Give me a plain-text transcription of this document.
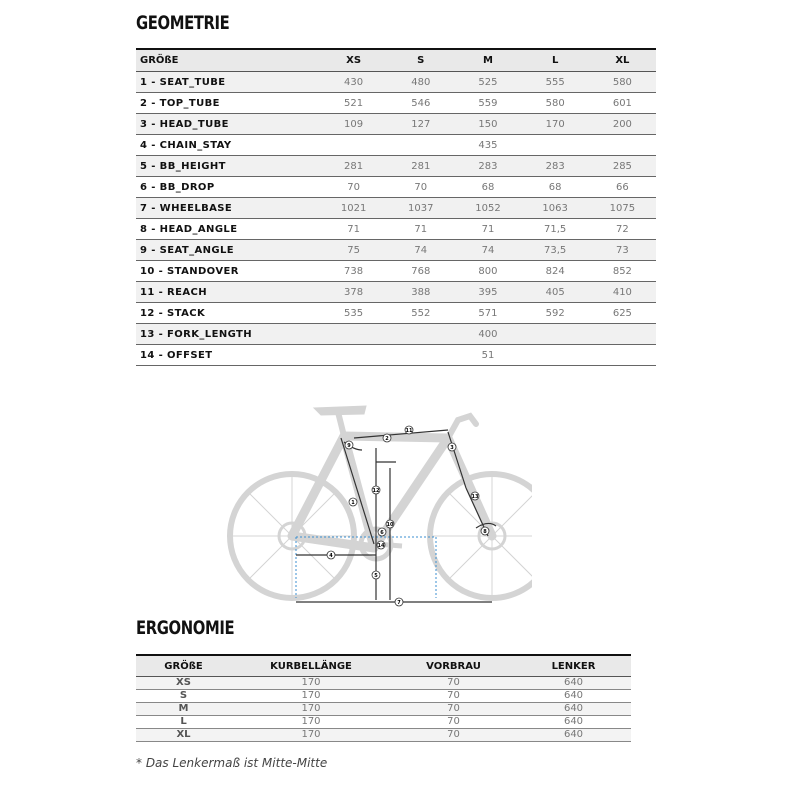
GEOMETRIE
GRÖßE	XS	S	M	L	XL
1 - SEAT_TUBE	430	480	525	555	580
2 - TOP_TUBE	521	546	559	580	601
3 - HEAD_TUBE	109	127	150	170	200
4 - CHAIN_STAY			435		
5 - BB_HEIGHT	281	281	283	283	285
6 - BB_DROP	70	70	68	68	66
7 - WHEELBASE	1021	1037	1052	1063	1075
8 - HEAD_ANGLE	71	71	71	71,5	72
9 - SEAT_ANGLE	75	74	74	73,5	73
10 - STANDOVER	738	768	800	824	852
11 - REACH	378	388	395	405	410
12 - STACK	535	552	571	592	625
13 - FORK_LENGTH			400		
14 - OFFSET			51		
1
2
3
4
5
6
7
8
9
10
11
12
13
14
ERGONOMIE
GRÖßE	KURBELLÄNGE	VORBRAU	LENKER
XS	170	70	640
S	170	70	640
M	170	70	640
L	170	70	640
XL	170	70	640

* Das Lenkermaß ist Mitte-Mitte
